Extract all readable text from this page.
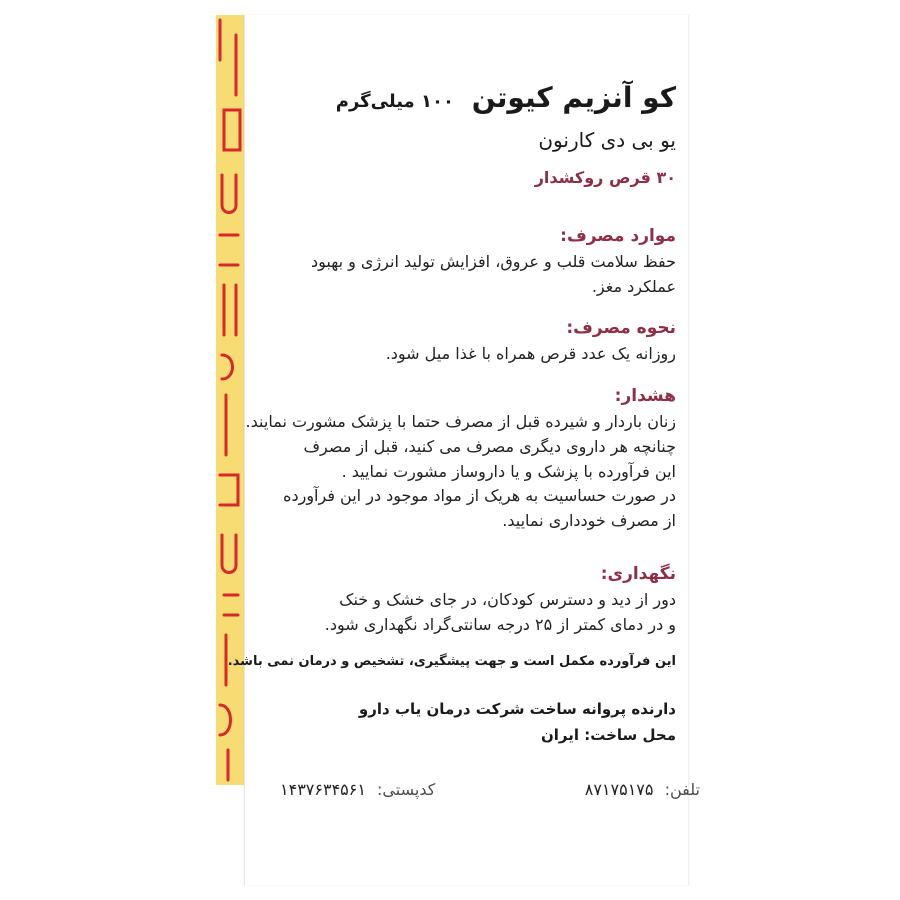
کو آنزیم کیوتن ۱۰۰ میلی‌گرم
یو بی دی کارنون
۳۰ قرص روکشدار
موارد مصرف:
حفظ سلامت قلب و عروق، افزایش تولید انرژی و بهبود
عملکرد مغز.
نحوه مصرف:
روزانه یک عدد قرص همراه با غذا میل شود.
هشدار:
زنان باردار و شیرده قبل از مصرف حتما با پزشک مشورت نمایند.
چنانچه هر داروی دیگری مصرف می کنید، قبل از مصرف
این فرآورده با پزشک و یا داروساز مشورت نمایید .
در صورت حساسیت به هریک از مواد موجود در این فرآورده
از مصرف خودداری نمایید.
نگهداری:
دور از دید و دسترس کودکان، در جای خشک و خنک
و در دمای کمتر از ۲۵ درجه سانتی‌گراد نگهداری شود.
این فرآورده مکمل است و جهت پیشگیری، تشخیص و درمان نمی باشد.
دارنده پروانه ساخت شرکت درمان یاب دارو
محل ساخت: ایران
تلفن: ۸۷۱۷۵۱۷۵
کدپستی: ۱۴۳۷۶۳۴۵۶۱
